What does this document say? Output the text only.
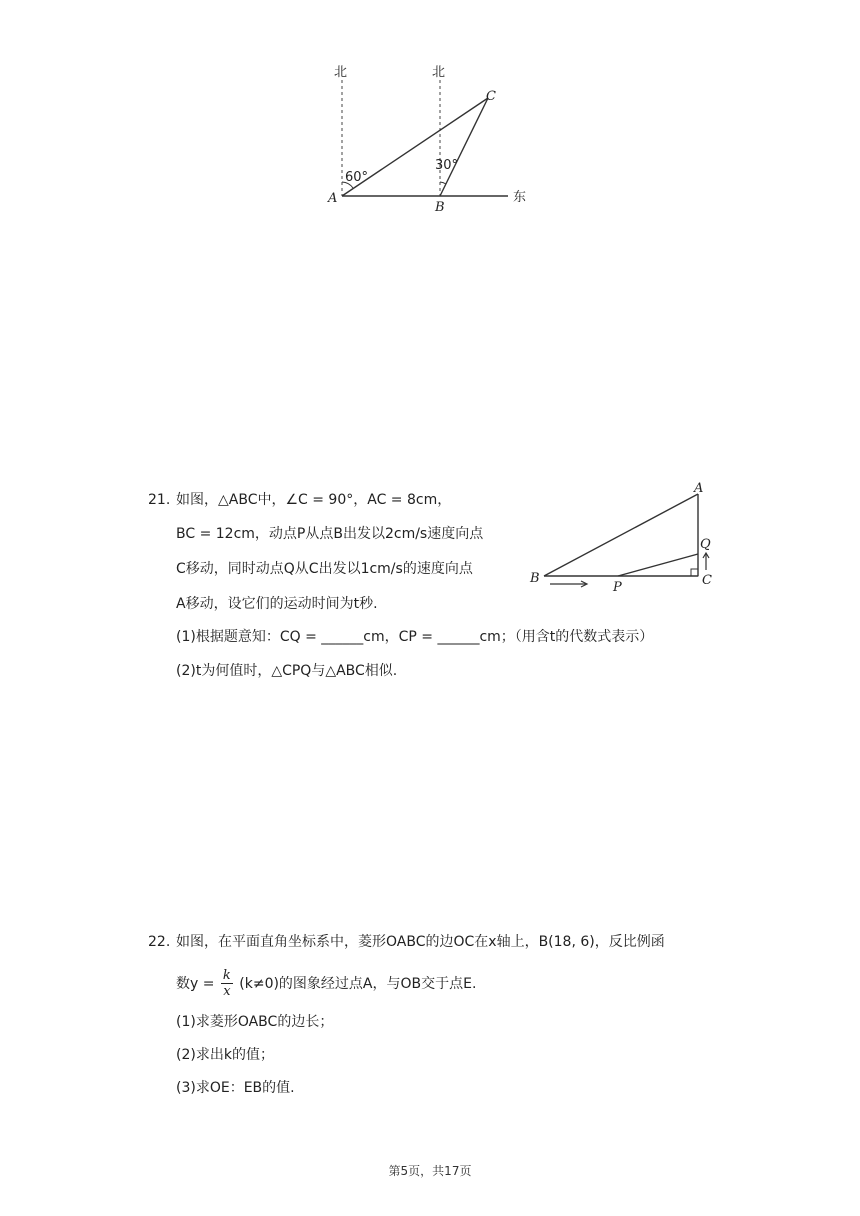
北	北
东
60°
30°
A
B
C
21. 如图，△ABC中，∠C = 90°，AC = 8cm，
BC = 12cm，动点P从点B出发以2cm/s速度向点
C移动，同时动点Q从C出发以1cm/s的速度向点
A移动，设它们的运动时间为t秒.
(1)根据题意知：CQ = ______cm，CP = ______cm；（用含t的代数式表示）
(2)t为何值时，△CPQ与△ABC相似.
A
B	C
P
Q
22. 如图，在平面直角坐标系中，菱形OABC的边OC在x轴上，B(18, 6)，反比例函
数$y = \frac{k}{x} (k\ne 0)$的图象经过点A，与OB交于点E.
(1)求菱形OABC的边长；
(2)求出k的值；
(3)求OE：EB的值.
第5页，共17页
